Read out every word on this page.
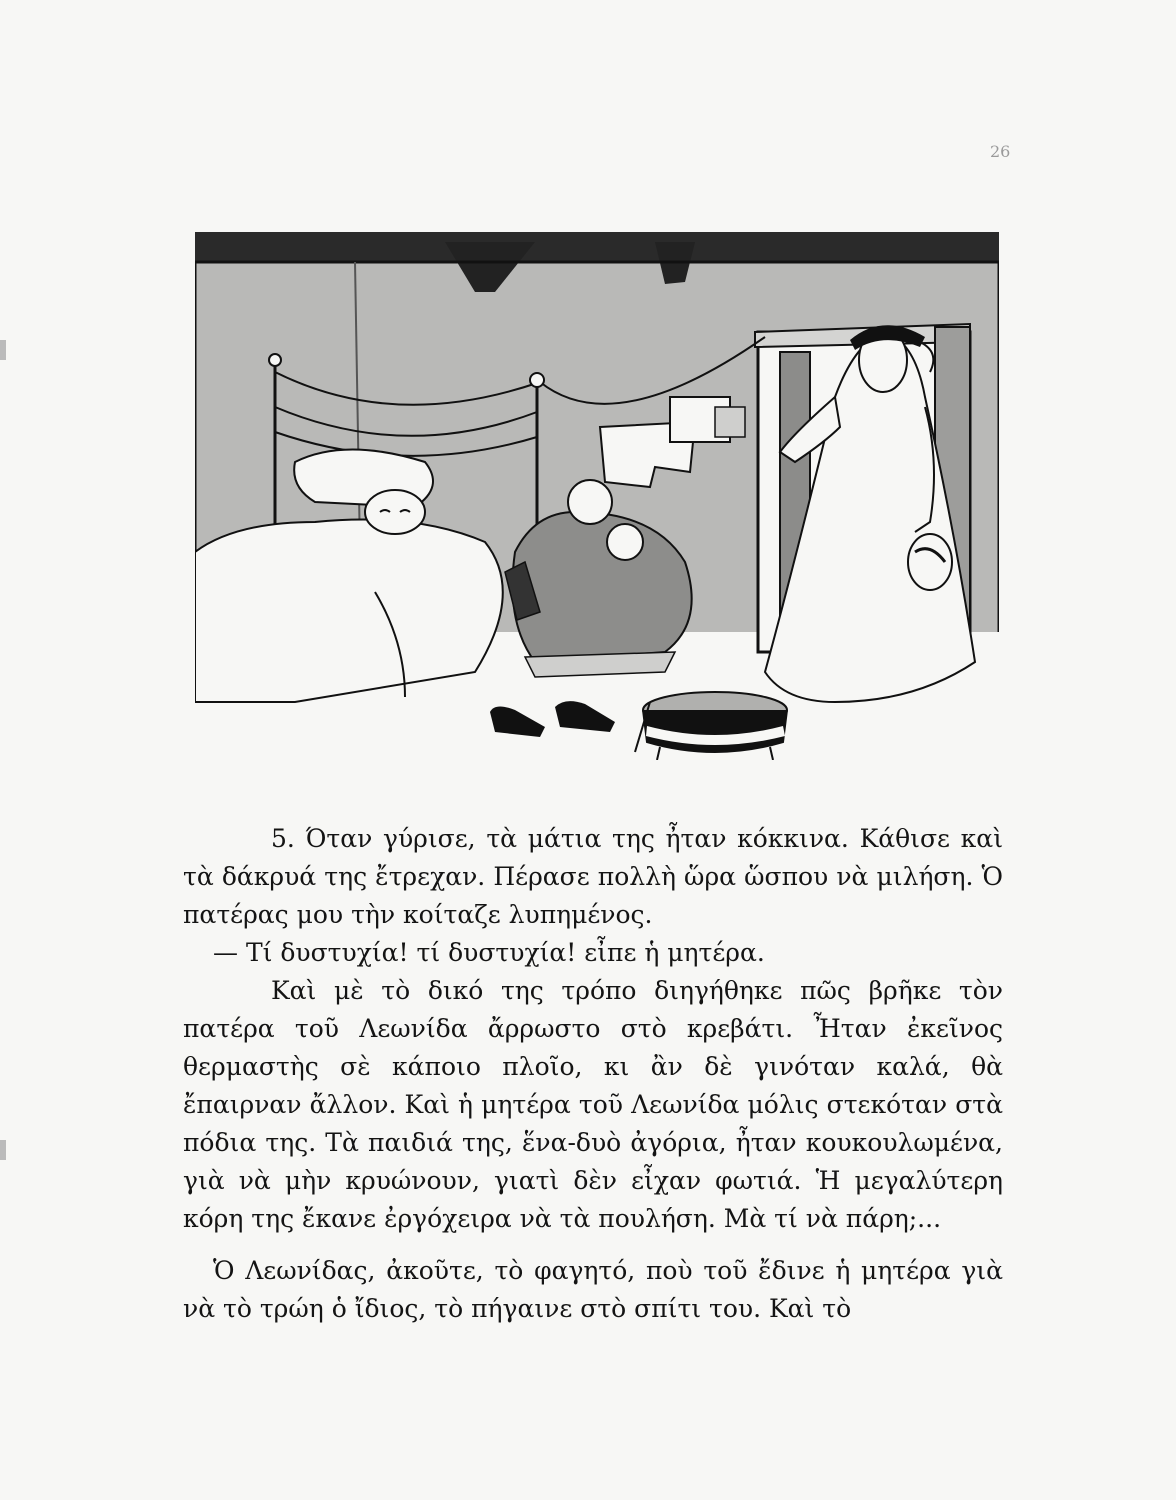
26

5. Όταν γύρισε, τὰ μάτια της ἦταν κόκκινα. Κάθισε καὶ τὰ δάκρυά της ἔτρεχαν. Πέρασε πολλὴ ὥρα ὥσπου νὰ μιλήση. Ὁ πατέρας μου τὴν κοίταζε λυπημένος.

— Τί δυστυχία! τί δυστυχία! εἶπε ἡ μητέρα.

Καὶ μὲ τὸ δικό της τρόπο διηγήθηκε πῶς βρῆκε τὸν πατέρα τοῦ Λεωνίδα ἄρρωστο στὸ κρεβάτι. Ἦταν ἐκεῖνος θερμαστὴς σὲ κάποιο πλοῖο, κι ἂν δὲ γινόταν καλά, θὰ ἔπαιρναν ἄλλον. Καὶ ἡ μητέρα τοῦ Λεωνίδα μόλις στεκόταν στὰ πόδια της. Τὰ παιδιά της, ἕνα-δυὸ ἀγόρια, ἦταν κουκουλωμένα, γιὰ νὰ μὴν κρυώνουν, γιατὶ δὲν εἶχαν φωτιά. Ἡ μεγαλύτερη κόρη της ἔκανε ἐργόχειρα νὰ τὰ πουλήση. Μὰ τί νὰ πάρη;...

Ὁ Λεωνίδας, ἀκοῦτε, τὸ φαγητό, ποὺ τοῦ ἔδινε ἡ μητέρα γιὰ νὰ τὸ τρώη ὁ ἴδιος, τὸ πήγαινε στὸ σπίτι του. Καὶ τὸ
